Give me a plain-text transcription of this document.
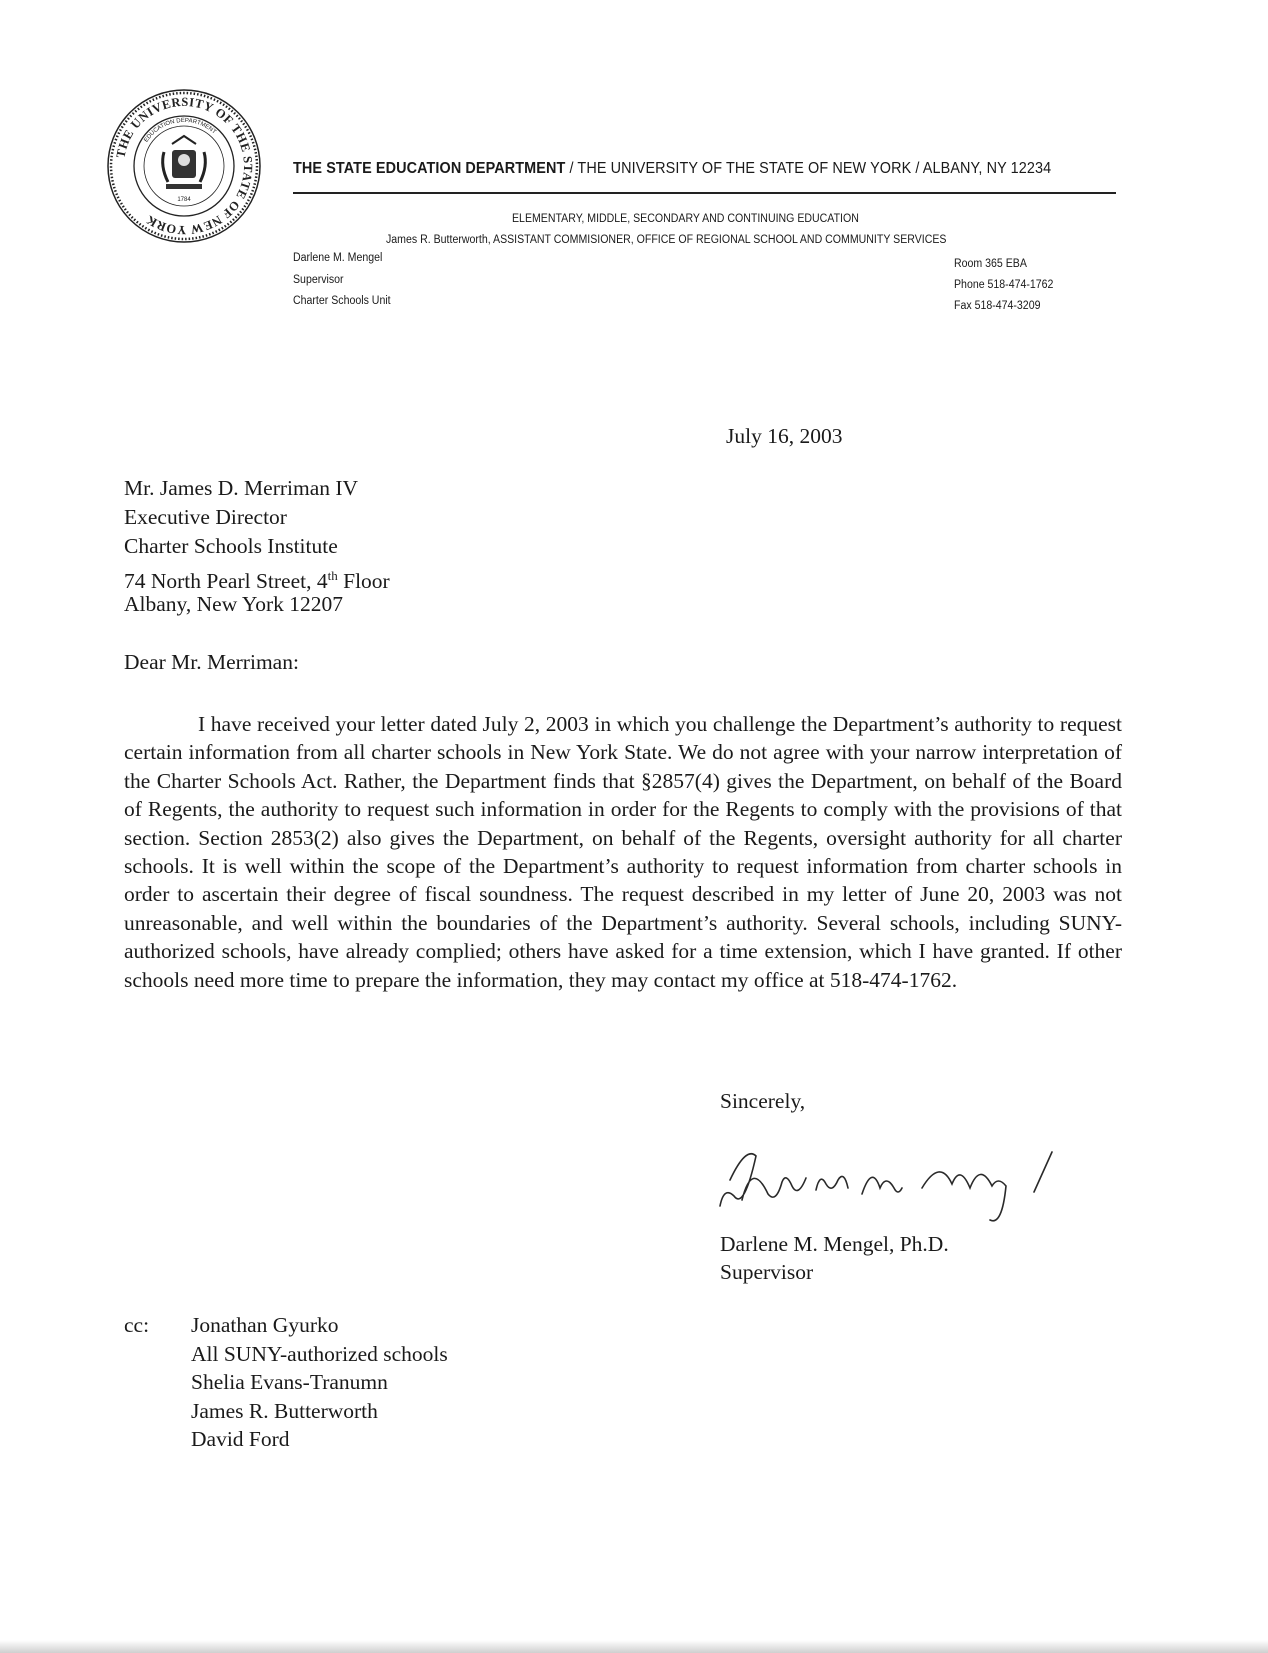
THE UNIVERSITY OF THE STATE OF NEW YORK
EDUCATION DEPARTMENT
1784
THE STATE EDUCATION DEPARTMENT / THE UNIVERSITY OF THE STATE OF NEW YORK / ALBANY, NY 12234
ELEMENTARY, MIDDLE, SECONDARY AND CONTINUING EDUCATION
James R. Butterworth, ASSISTANT COMMISIONER, OFFICE OF REGIONAL SCHOOL AND COMMUNITY SERVICES
Darlene M. Mengel
Supervisor
Charter Schools Unit
Room 365 EBA
Phone 518-474-1762
Fax 518-474-3209
July 16, 2003
Mr. James D. Merriman IV
Executive Director
Charter Schools Institute
74 North Pearl Street, 4th Floor
Albany, New York 12207
Dear Mr. Merriman:
I have received your letter dated July 2, 2003 in which you challenge the Department’s authority to request certain information from all charter schools in New York State. We do not agree with your narrow interpretation of the Charter Schools Act. Rather, the Department finds that §2857(4) gives the Department, on behalf of the Board of Regents, the authority to request such information in order for the Regents to comply with the provisions of that section. Section 2853(2) also gives the Department, on behalf of the Regents, oversight authority for all charter schools. It is well within the scope of the Department’s authority to request information from charter schools in order to ascertain their degree of fiscal soundness. The request described in my letter of June 20, 2003 was not unreasonable, and well within the boundaries of the Department’s authority. Several schools, including SUNY-authorized schools, have already complied; others have asked for a time extension, which I have granted. If other schools need more time to prepare the information, they may contact my office at 518-474-1762.
Sincerely,
Darlene M. Mengel, Ph.D.
Supervisor
cc: Jonathan Gyurko
All SUNY-authorized schools
Shelia Evans-Tranumn
James R. Butterworth
David Ford
